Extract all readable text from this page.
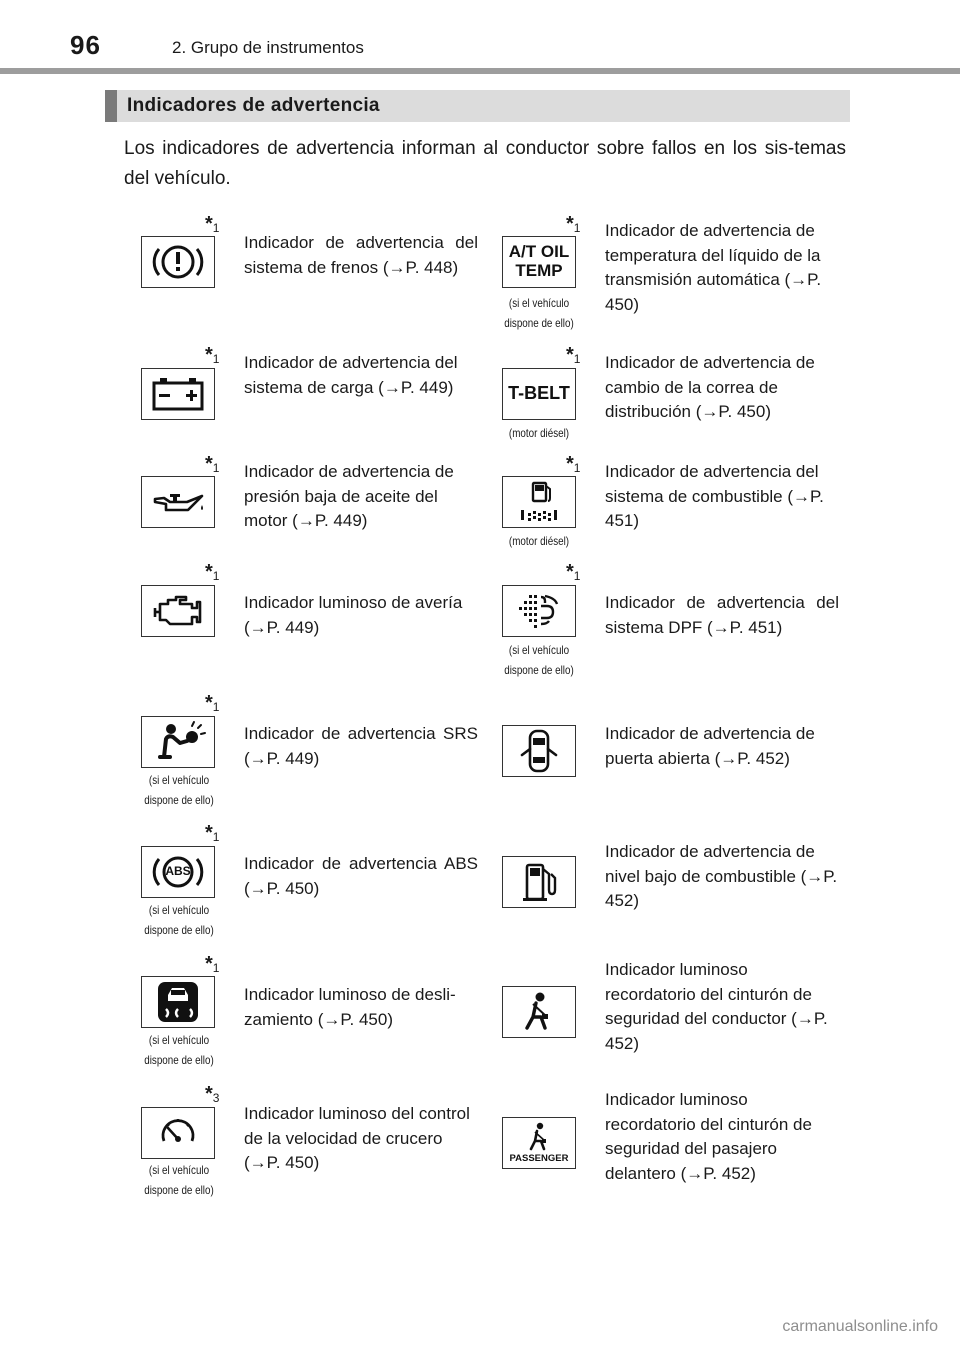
96	2. Grupo de instrumentos
Indicadores de advertencia
Los indicadores de advertencia informan al conductor sobre fallos en los sis-temas del vehículo.
$*_1$
Indicador de advertencia del sistema de frenos (→P. 448)
$*_1$
A/T OIL
TEMP
(si el vehículo dispone de ello)
Indicador de advertencia de temperatura del líquido de la transmisión automática (→P. 450)
$*_1$ Indicador de advertencia del sistema de carga (→P. 449)
$*_1$
T-BELT
(motor diésel)
Indicador de advertencia de cambio de la correa de distribución (→P. 450)
$*_1$ Indicador de advertencia de presión baja de aceite del motor (→P. 449)
$*_1$
(motor diésel)
Indicador de advertencia del sistema de combustible (→P. 451)
$*_1$
Indicador luminoso de avería (→P. 449)
$*_1$
(si el vehículo dispone de ello)
Indicador de advertencia del sistema DPF (→P. 451)
$*_1$
(si el vehículo dispone de ello)
Indicador de advertencia SRS (→P. 449)
Indicador de advertencia de puerta abierta (→P. 452)
$*_1$
ABS
(si el vehículo dispone de ello)
Indicador de advertencia ABS (→P. 450)
Indicador de advertencia de nivel bajo de combustible (→P. 452)
$*_1$
(si el vehículo dispone de ello)
Indicador luminoso de desli-zamiento (→P. 450)
Indicador luminoso recordatorio del cinturón de seguridad del conductor (→P. 452)
$*_3$
(si el vehículo dispone de ello)
Indicador luminoso del control de la velocidad de crucero (→P. 450)	PASSENGER
Indicador luminoso recordatorio del cinturón de seguridad del pasajero delantero (→P. 452)
carmanualsonline.info
